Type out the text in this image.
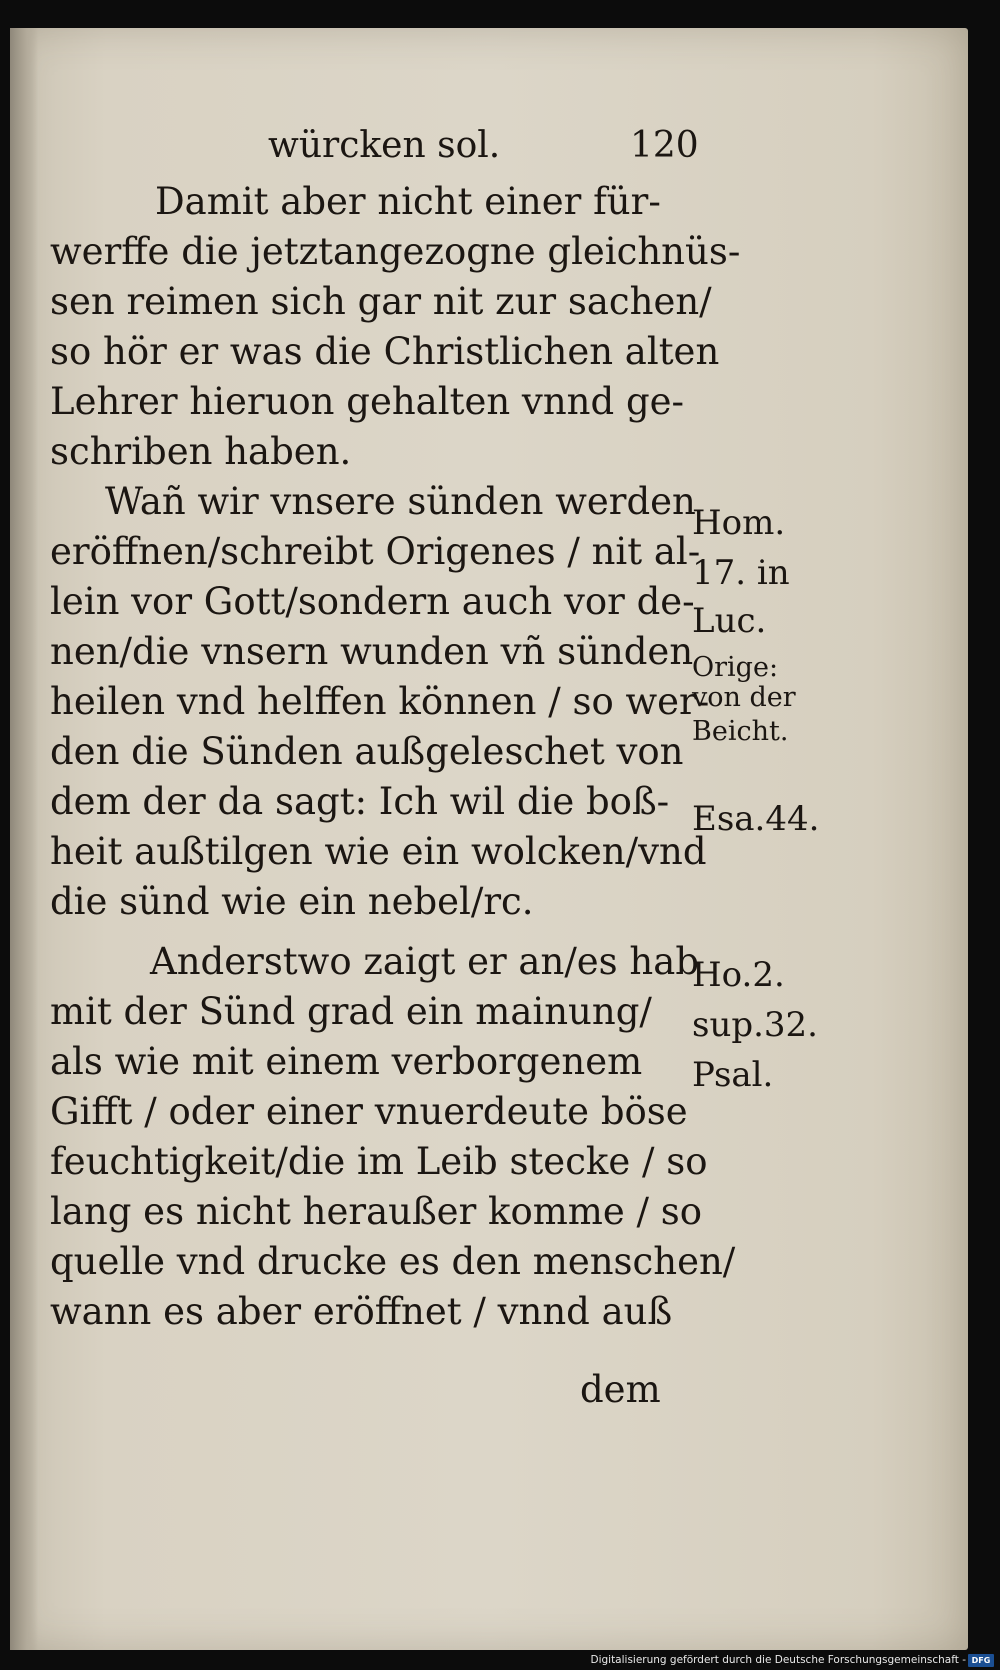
würcken sol.	120
Damit aber nicht einer für-
werffe die jetztangezogne gleichnüs-
sen reimen sich gar nit zur sachen/
so hör er was die Christlichen alten
Lehrer hieruon gehalten vnnd ge-
schriben haben.
Wañ wir vnsere sünden werden
eröffnen/schreibt Origenes / nit al-
lein vor Gott/sondern auch vor de-
nen/die vnsern wunden vñ sünden
heilen vnd helffen können / so wer-
den die Sünden außgeleschet von
dem der da sagt: Ich wil die boß-
heit außtilgen wie ein wolcken/vnd
die sünd wie ein nebel/rc.
Anderstwo zaigt er an/es hab
mit der Sünd grad ein mainung/
als wie mit einem verborgenem
Gifft / oder einer vnuerdeute böse
feuchtigkeit/die im Leib stecke / so
lang es nicht heraußer komme / so
quelle vnd drucke es den menschen/
wann es aber eröffnet / vnnd auß
dem
Hom.
17. in
Luc.
Orige:
von der
Beicht.
Esa.44.
Ho.2.
sup.32.
Psal.
Digitalisierung gefördert durch die Deutsche Forschungsgemeinschaft - DFG
